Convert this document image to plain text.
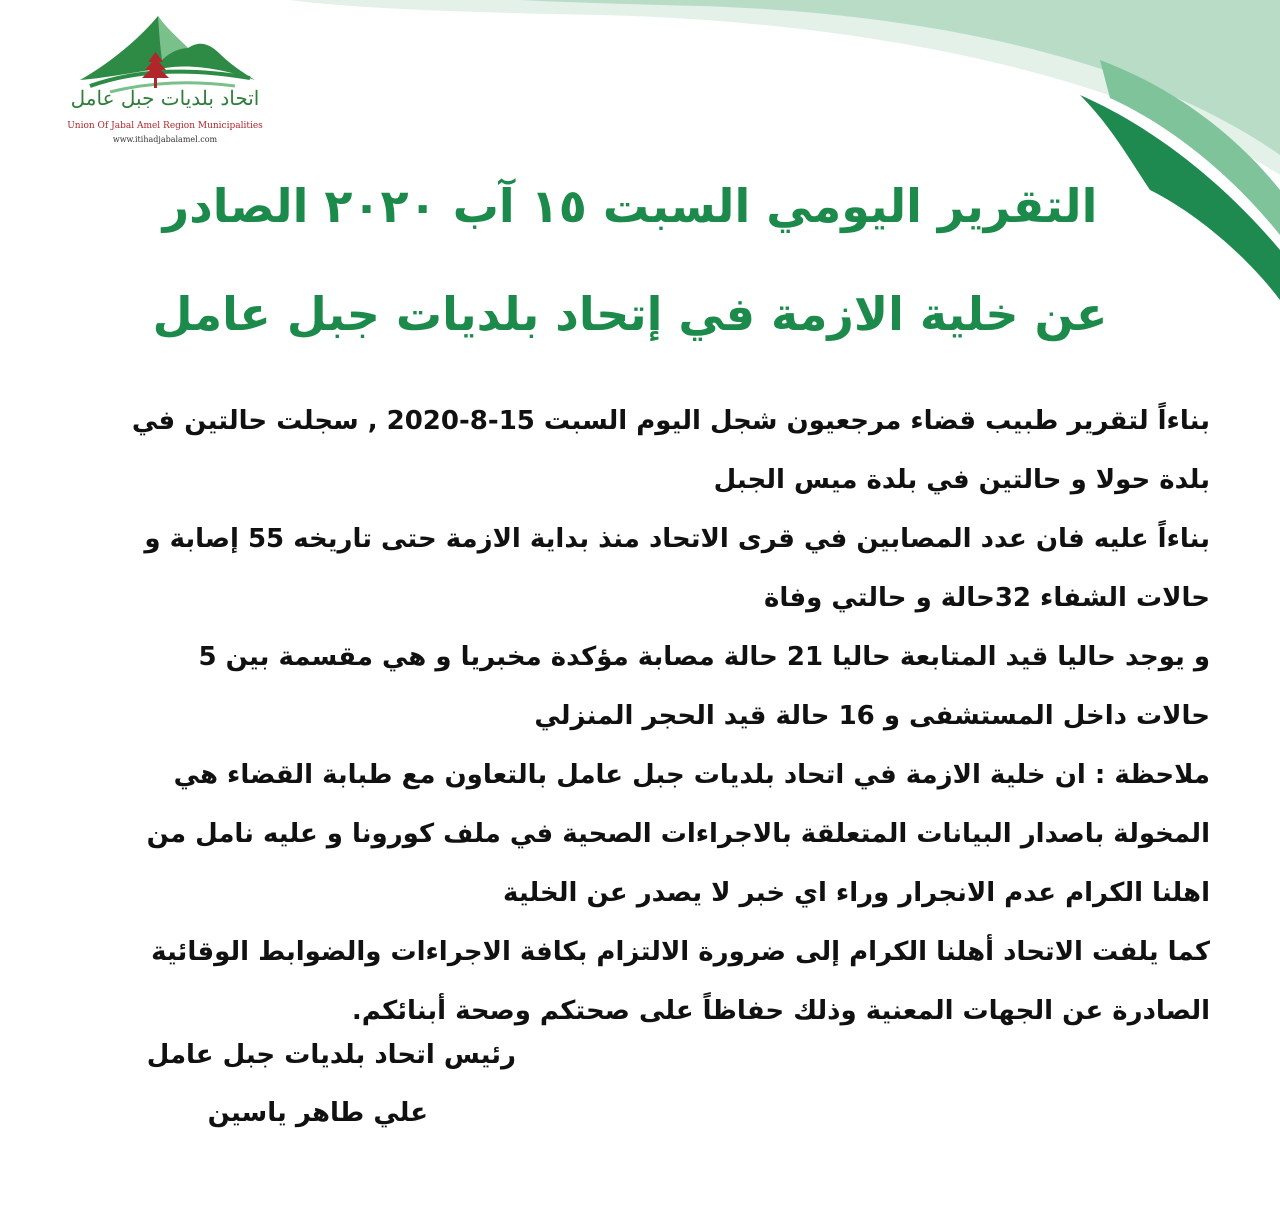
اتحاد بلديات جبل عامل
Union Of Jabal Amel Region Municipalities
www.itihadjabalamel.com
التقرير اليومي السبت ١٥ آب ٢٠٢٠ الصادر
عن خلية الازمة في إتحاد بلديات جبل عامل
بناءاً لتقرير طبيب قضاء مرجعيون شجل اليوم السبت 15-8-2020 , سجلت حالتين في
بلدة حولا و حالتين في بلدة ميس الجبل
بناءاً عليه فان عدد المصابين في قرى الاتحاد منذ بداية الازمة حتى تاريخه 55 إصابة و
حالات الشفاء 32حالة و حالتي وفاة
و يوجد حاليا قيد المتابعة حاليا 21 حالة مصابة مؤكدة مخبريا و هي مقسمة بين 5
حالات داخل المستشفى و 16 حالة قيد الحجر المنزلي
ملاحظة : ان خلية الازمة في اتحاد بلديات جبل عامل بالتعاون مع طبابة القضاء هي
المخولة باصدار البيانات المتعلقة بالاجراءات الصحية في ملف كورونا و عليه نامل من
اهلنا الكرام عدم الانجرار وراء اي خبر لا يصدر عن الخلية
كما يلفت الاتحاد أهلنا الكرام إلى ضرورة الالتزام بكافة الاجراءات والضوابط الوقائية
الصادرة عن الجهات المعنية وذلك حفاظاً على صحتكم وصحة أبنائكم.
رئيس اتحاد بلديات جبل عامل
علي طاهر ياسين
